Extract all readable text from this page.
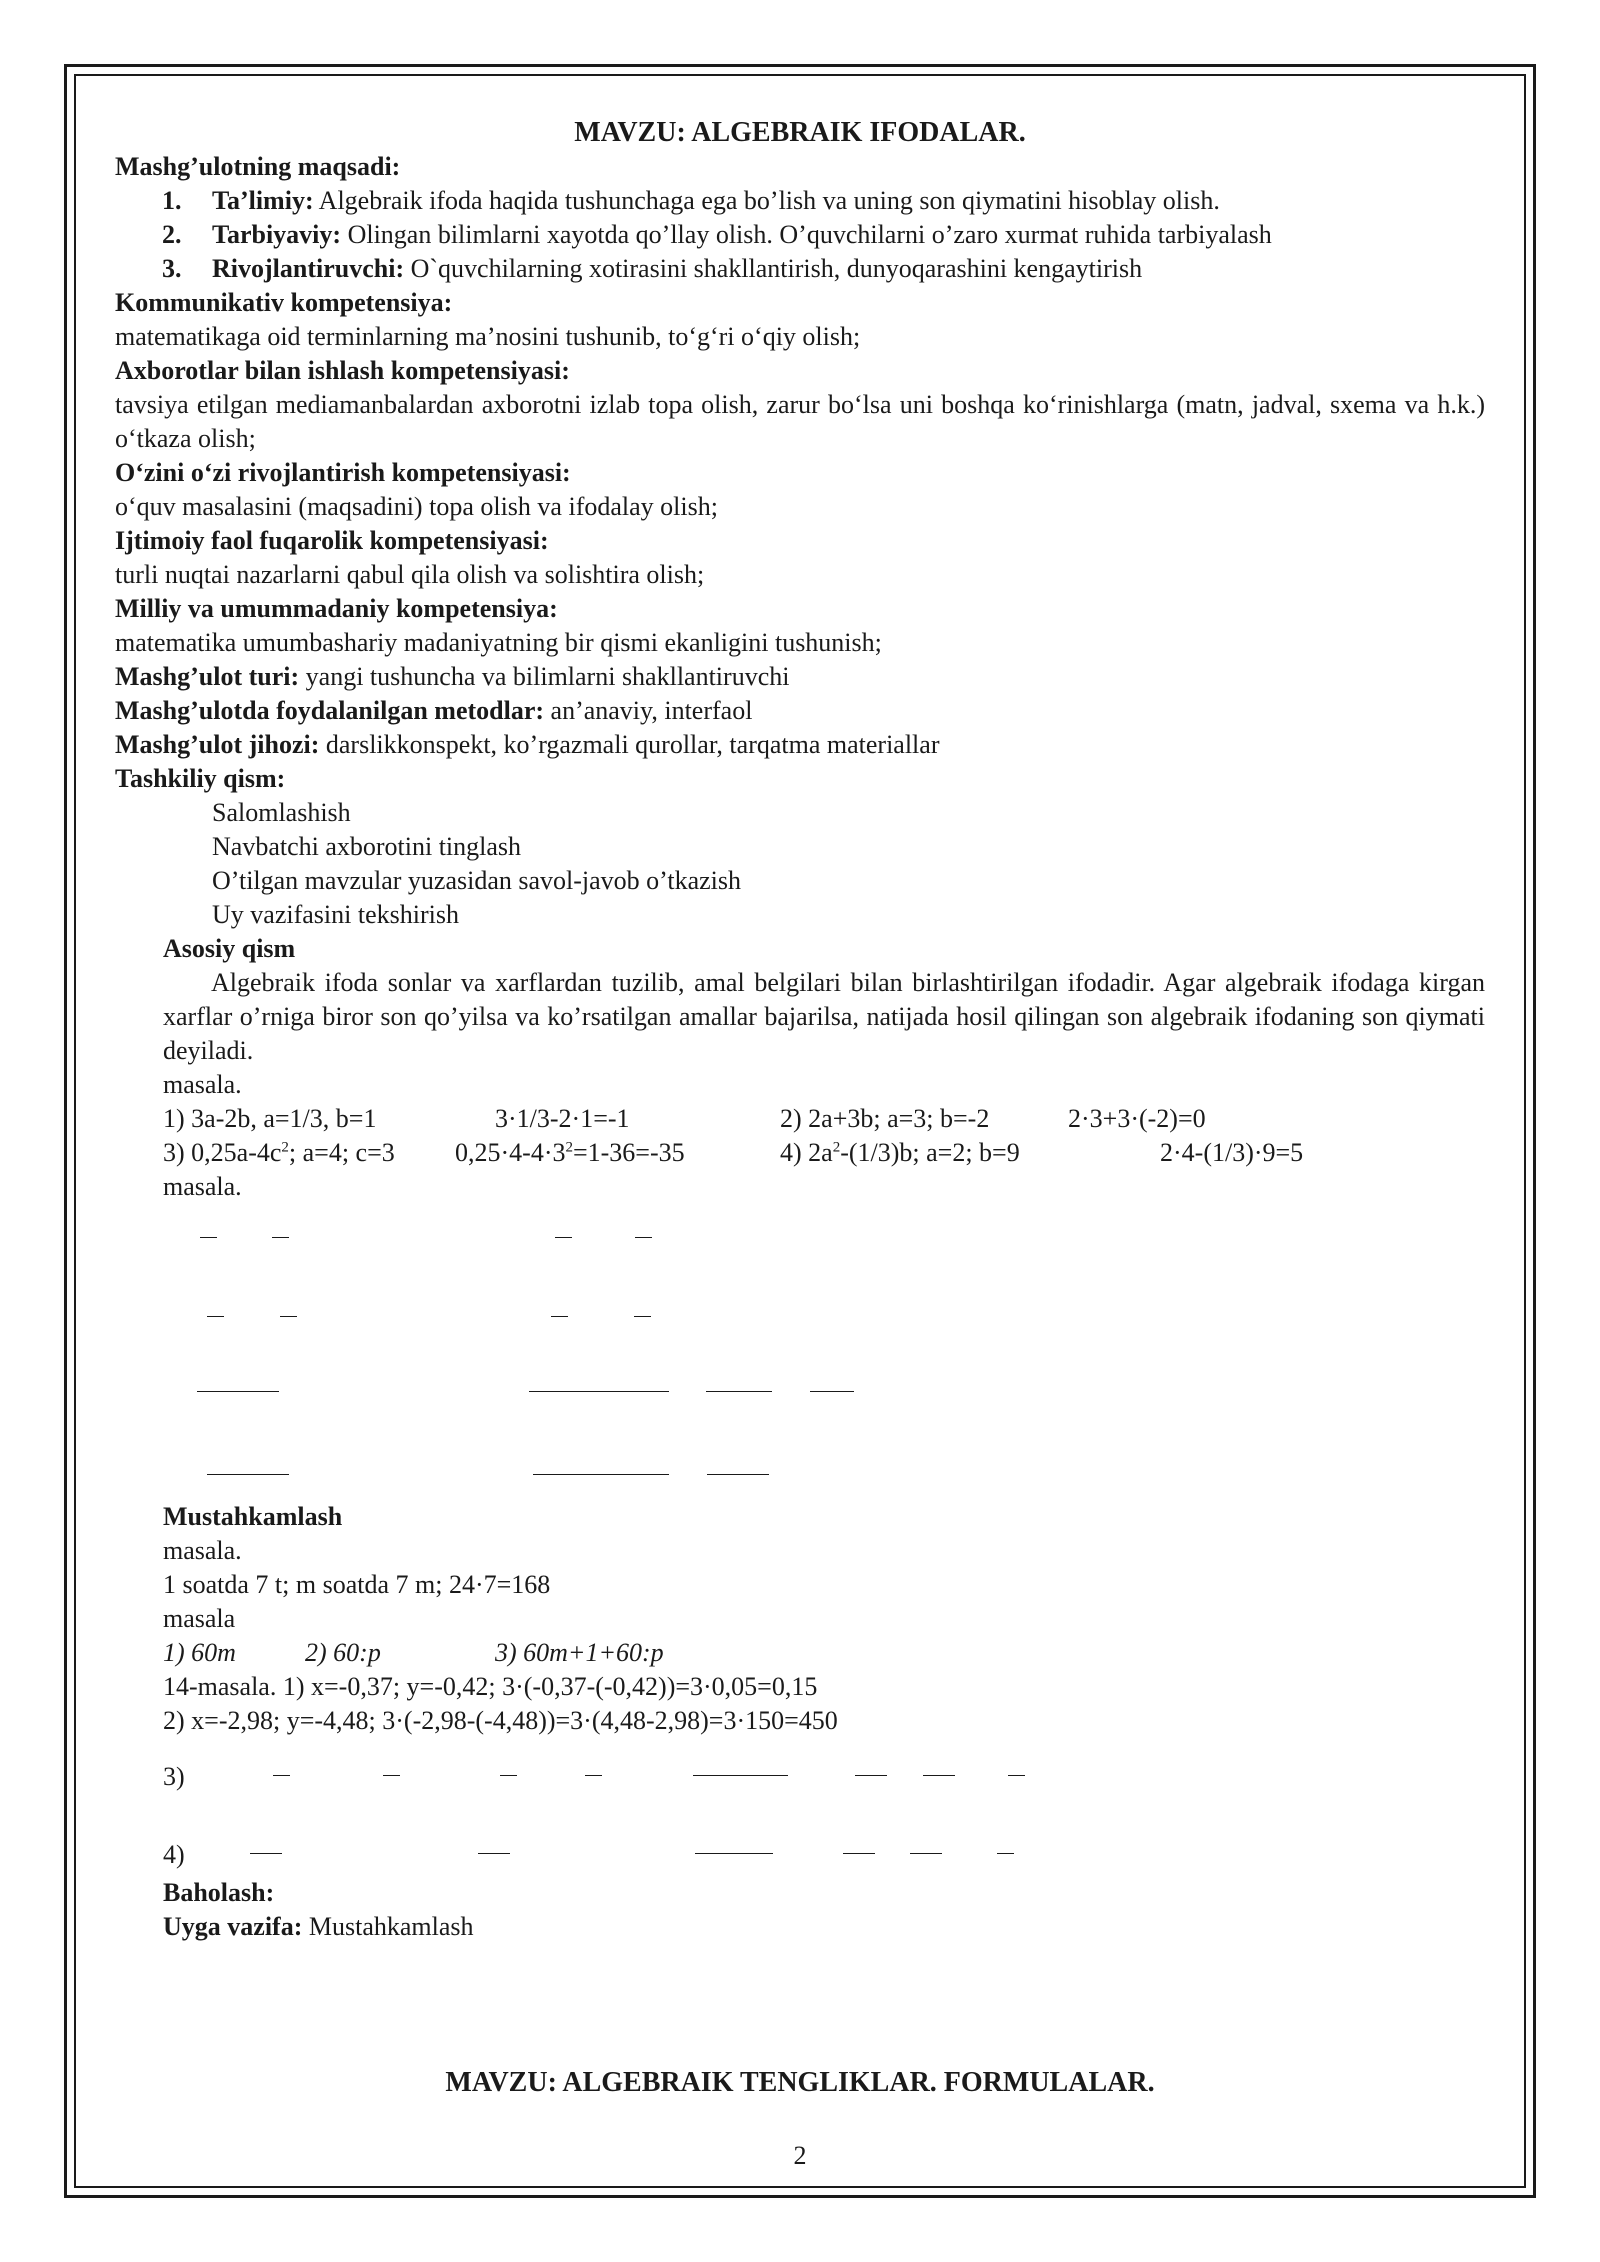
MAVZU: ALGEBRAIK IFODALAR.
Mashg’ulotning maqsadi:
1. Ta’limiy: Algebraik ifoda haqida tushunchaga ega bo’lish va uning son qiymatini hisoblay olish.
2. Tarbiyaviy: Olingan bilimlarni xayotda qo’llay olish. O’quvchilarni o’zaro xurmat ruhida tarbiyalash
3. Rivojlantiruvchi: O`quvchilarning xotirasini shakllantirish, dunyoqarashini kengaytirish
Kommunikativ kompetensiya:
matematikaga oid terminlarning ma’nosini tushunib, to‘g‘ri o‘qiy olish;
Axborotlar bilan ishlash kompetensiyasi:
tavsiya etilgan mediamanbalardan axborotni izlab topa olish, zarur bo‘lsa uni boshqa ko‘rinishlarga (matn, jadval, sxema va h.k.) o‘tkaza olish;
O‘zini o‘zi rivojlantirish kompetensiyasi:
o‘quv masalasini (maqsadini) topa olish va ifodalay olish;
Ijtimoiy faol fuqarolik kompetensiyasi:
turli nuqtai nazarlarni qabul qila olish va solishtira olish;
Milliy va umummadaniy kompetensiya:
matematika umumbashariy madaniyatning bir qismi ekanligini tushunish;
Mashg’ulot turi: yangi tushuncha va bilimlarni shakllantiruvchi
Mashg’ulotda foydalanilgan metodlar: an’anaviy, interfaol
Mashg’ulot jihozi: darslikkonspekt, ko’rgazmali qurollar, tarqatma materiallar
Tashkiliy qism:
Salomlashish
Navbatchi axborotini tinglash
O’tilgan mavzular yuzasidan savol-javob o’tkazish
Uy vazifasini tekshirish
Asosiy qism
Algebraik ifoda sonlar va xarflardan tuzilib, amal belgilari bilan birlashtirilgan ifodadir. Agar algebraik ifodaga kirgan xarflar o’rniga biror son qo’yilsa va ko’rsatilgan amallar bajarilsa, natijada hosil qilingan son algebraik ifodaning son qiymati deyiladi.
masala.
1) 3a-2b, a=1/3, b=1	3·1/3-2·1=-1	2) 2a+3b; a=3; b=-2	2·3+3·(-2)=0
3) $0,25a-4c^2$; a=4; c=3 $0,25\cdot 4-4\cdot 3^2=1-36=-35$	4) $2a^2-(1/3)b$; a=2; b=9	2·4-(1/3)·9=5
masala.
Mustahkamlash
masala.
1 soatda 7 t; m soatda 7 m; 24·7=168
masala
1) 60m	2) 60:p	3) 60m+1+60:p
14-masala. 1) x=-0,37; y=-0,42; 3·(-0,37-(-0,42))=3·0,05=0,15
2) x=-2,98; y=-4,48; 3·(-2,98-(-4,48))=3·(4,48-2,98)=3·150=450
3)
4)
Baholash:
Uyga vazifa: Mustahkamlash
MAVZU: ALGEBRAIK TENGLIKLAR. FORMULALAR.
2
